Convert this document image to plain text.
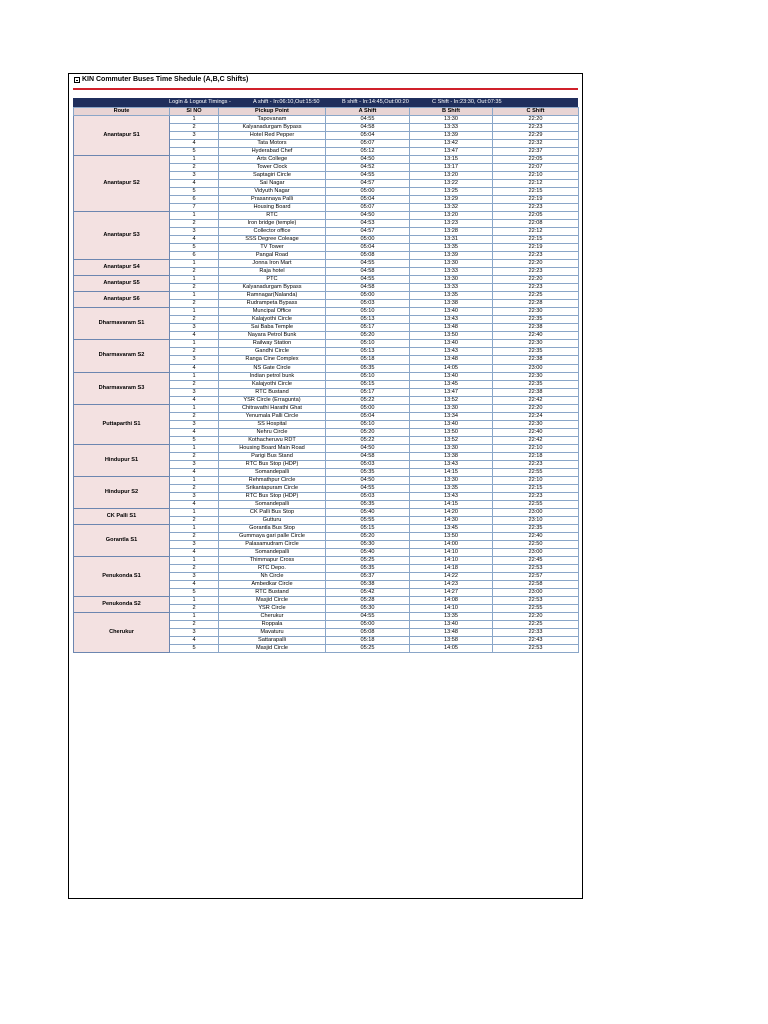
KIN Commuter Buses Time Shedule (A,B,C Shifts)
Login & Logout Timings -	A shift - In:06:10,Out:15:50	B shift - In:14:45,Out:00:20	C Shift - In:23:30, Out:07:35
Route	Sl NO	Pickup Point	A Shift	B Shift	C Shift
Anantapur S1	1	Tapovanam	04:55	13:30	22:20
	2	Kalyanadurgam Bypass	04:58	13:33	22:23
	3	Hotel Red Pepper	05:04	13:39	22:29
	4	Tata Motors	05:07	13:42	22:32
	5	Hyderabad Chef	05:12	13:47	22:37
Anantapur S2	1	Arts College	04:50	13:15	22:05
	2	Tower Clock	04:52	13:17	22:07
	3	Saptagiri Circle	04:55	13:20	22:10
	4	Sai Nagar	04:57	13:22	22:12
	5	Vidyuth Nagar	05:00	13:25	22:15
	6	Prasannaya Palli	05:04	13:29	22:19
	7	Housing Board	05:07	13:32	22:23
Anantapur S3	1	RTC	04:50	13:20	22:05
	2	Iron bridge (temple)	04:53	13:23	22:08
	3	Collector office	04:57	13:28	22:12
	4	SSS Degree Coleage	05:00	13:31	22:15
	5	TV Tower	05:04	13:35	22:19
	6	Pangal Road	05:08	13:39	22:23
Anantapur S4	1	Jonna Iron Mart	04:55	13:30	22:20
	2	Raja hotel	04:58	13:33	22:23
Anantapur S5	1	PTC	04:55	13:30	22:20
	2	Kalyanadurgam Bypass	04:58	13:33	22:23
Anantapur S6	1	Ramnagar(Nalanda)	05:00	13:35	22:25
	2	Rudrampeta Bypass	05:03	13:38	22:28
Dharmavaram S1	1	Muncipal Office	05:10	13:40	22:30
	2	Kalajyothi Circle	05:13	13:43	22:35
	3	Sai Baba Temple	05:17	13:48	22:38
	4	Nayara Petrol Bunk	05:20	13:50	22:40
Dharmavaram S2	1	Railway Station	05:10	13:40	22:30
	2	Gandhi Circle	05:13	13:43	22:35
	3	Ranga Cine Complex	05:18	13:48	22:38
	4	NS Gate Circle	05:35	14:05	23:00
Dharmavaram S3	1	Indian petrol bunk	05:10	13:40	22:30
	2	Kalajyothi Circle	05:15	13:45	22:35
	3	RTC Bustand	05:17	13:47	22:38
	4	YSR Circle (Erragunta)	05:22	13:52	22:42
Puttaparthi S1	1	Chitravathi Harathi Ghat	05:00	13:30	22:20
	2	Yenumala Palli Circle	05:04	13:34	22:24
	3	SS Hospital	05:10	13:40	22:30
	4	Nehru Circle	05:20	13:50	22:40
	5	Kothacheruvu RDT	05:22	13:52	22:42
Hindupur S1	1	Housing Board Main Road	04:50	13:30	22:10
	2	Parigi Bus Stand	04:58	13:38	22:18
	3	RTC Bus Stop (HDP)	05:03	13:43	22:23
	4	Somandepalli	05:35	14:15	22:55
Hindupur S2	1	Rehmathpur Circle	04:50	13:30	22:10
	2	Srikantapuram Circle	04:55	13:35	22:15
	3	RTC Bus Stop (HDP)	05:03	13:43	22:23
	4	Somandepalli	05:35	14:15	22:55
CK Palli S1	1	CK Palli Bus Stop	05:40	14:20	23:00
	2	Gutturu	05:55	14:30	23:10
Gorantla S1	1	Gorantla Bus Stop	05:15	13:45	22:35
	2	Gummaya gari palle Circle	05:20	13:50	22:40
	3	Palasamudram Circle	05:30	14:00	22:50
	4	Somandepalli	05:40	14:10	23:00
Penukonda S1	1	Thimmapur Cross	05:25	14:10	22:45
	2	RTC Depo.	05:35	14:18	22:53
	3	Nh Circle	05:37	14:22	22:57
	4	Ambedkar Circle	05:38	14:23	22:58
	5	RTC Bustand	05:42	14:27	23:00
Penukonda S2	1	Masjid Circle	05:28	14:08	22:53
	2	YSR Circle	05:30	14:10	22:55
Cherukur	1	Cherukur	04:55	13:35	22:20
	2	Roppala	05:00	13:40	22:25
	3	Mavaturu	05:08	13:48	22:33
	4	Sattarapalli	05:18	13:58	22:43
	5	Masjid Circle	05:25	14:05	22:53
